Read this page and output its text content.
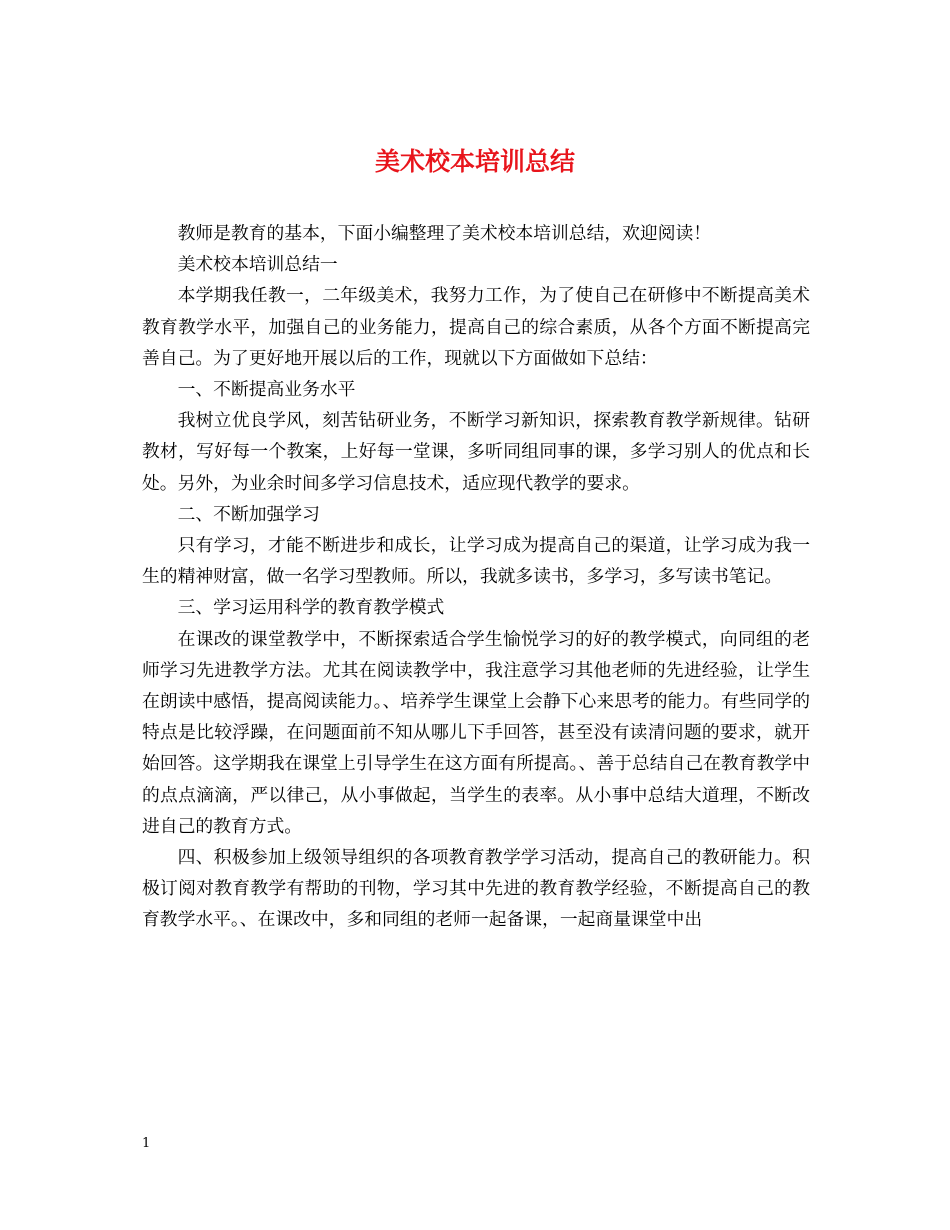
美术校本培训总结

教师是教育的基本，下面小编整理了美术校本培训总结，欢迎阅读！

美术校本培训总结一

本学期我任教一，二年级美术，我努力工作，为了使自己在研修中不断提高美术教育教学水平，加强自己的业务能力，提高自己的综合素质，从各个方面不断提高完善自己。为了更好地开展以后的工作，现就以下方面做如下总结：

一、不断提高业务水平

我树立优良学风，刻苦钻研业务，不断学习新知识，探索教育教学新规律。钻研教材，写好每一个教案，上好每一堂课，多听同组同事的课，多学习别人的优点和长处。另外，为业余时间多学习信息技术，适应现代教学的要求。

二、不断加强学习

只有学习，才能不断进步和成长，让学习成为提高自己的渠道，让学习成为我一生的精神财富，做一名学习型教师。所以，我就多读书，多学习，多写读书笔记。

三、学习运用科学的教育教学模式

在课改的课堂教学中，不断探索适合学生愉悦学习的好的教学模式，向同组的老师学习先进教学方法。尤其在阅读教学中，我注意学习其他老师的先进经验，让学生在朗读中感悟，提高阅读能力。、培养学生课堂上会静下心来思考的能力。有些同学的特点是比较浮躁，在问题面前不知从哪儿下手回答，甚至没有读清问题的要求，就开始回答。这学期我在课堂上引导学生在这方面有所提高。、善于总结自己在教育教学中的点点滴滴，严以律己，从小事做起，当学生的表率。从小事中总结大道理，不断改进自己的教育方式。

四、积极参加上级领导组织的各项教育教学学习活动，提高自己的教研能力。积极订阅对教育教学有帮助的刊物，学习其中先进的教育教学经验，不断提高自己的教育教学水平。、在课改中，多和同组的老师一起备课，一起商量课堂中出

1
